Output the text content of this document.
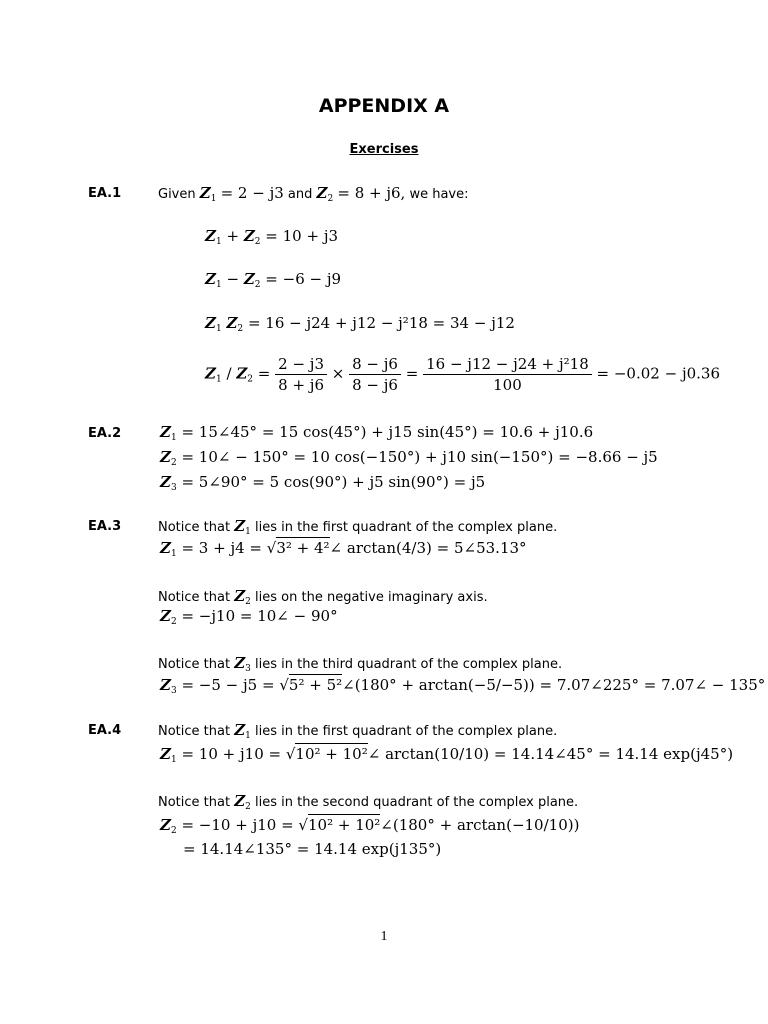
APPENDIX A
Exercises
EA.1	Given $Z_1 = 2 - j3$ and $Z_2 = 8 + j6$, we have:
$Z_1 + Z_2 = 10 + j3$
$Z_1 - Z_2 = -6 - j9$
$Z_1$ $Z_2 = 16 - j24 + j12 - j^218 = 34 - j12$
$Z_1 / Z_2 = \frac{2 - j3}{8 + j6} \times \frac{8 - j6}{8 - j6} = \frac{\text{16 − j12 − j24 + j²18}}{100} = -0.02 - j0.36$
EA.2	$Z_1$ = 15∠45° = 15 cos(45°) + j15 sin(45°) = 10.6 + j10.6
$Z_2$ = 10∠ − 150° = 10 cos(−150°) + j10 sin(−150°) = −8.66 − j5
$Z_3$ = 5∠90° = 5 cos(90°) + j5 sin(90°) = j5
EA.3	Notice that $Z_1$ lies in the first quadrant of the complex plane.
$Z_1 = 3 + j4 = √3^2$ + 4²∠ arctan(4/3) = 5∠53.13°
Notice that $Z_2$ lies on the negative imaginary axis.
$Z_2 = -j10$ = 10∠ − 90°
Notice that $Z_3$ lies in the third quadrant of the complex plane.
$Z_3 = -5 - j5 = √5^2$ + 5²∠(180° + arctan(−5/−5)) = 7.07∠225° = 7.07∠ − 135°
EA.4	Notice that $Z_1$ lies in the first quadrant of the complex plane.
$Z_1 = 10 + j10 = √10^2$ + 10²∠ arctan(10/10) = 14.14∠45° = 14.14 exp(j45°)
Notice that $Z_2$ lies in the second quadrant of the complex plane.
$Z_2 = -10 + j10 = √10^2$ + 10²∠(180° + arctan(−10/10))
= 14.14∠135° = 14.14 exp(j135°)
1
